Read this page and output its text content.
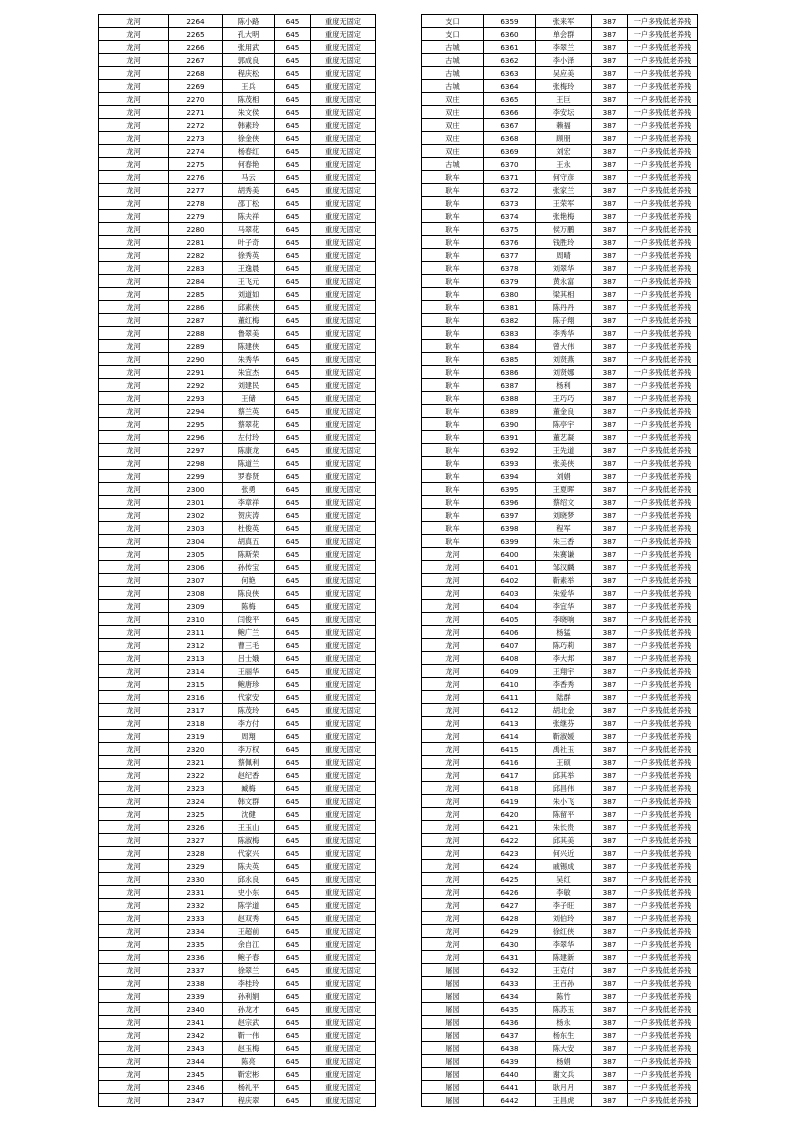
龙河	2264	陈小路	645	重度无固定
龙河	2265	孔大明	645	重度无固定
龙河	2266	张用武	645	重度无固定
龙河	2267	郭成良	645	重度无固定
龙河	2268	程庆松	645	重度无固定
龙河	2269	王兵	645	重度无固定
龙河	2270	陈茂相	645	重度无固定
龙河	2271	朱文侯	645	重度无固定
龙河	2272	韩素玲	645	重度无固定
龙河	2273	徐金侠	645	重度无固定
龙河	2274	杨春红	645	重度无固定
龙河	2275	何春艳	645	重度无固定
龙河	2276	马云	645	重度无固定
龙河	2277	胡秀美	645	重度无固定
龙河	2278	邵丁松	645	重度无固定
龙河	2279	陈夫祥	645	重度无固定
龙河	2280	马翠花	645	重度无固定
龙河	2281	叶子奇	645	重度无固定
龙河	2282	徐秀英	645	重度无固定
龙河	2283	王逸晨	645	重度无固定
龙河	2284	王飞元	645	重度无固定
龙河	2285	刘道如	645	重度无固定
龙河	2286	邱素侠	645	重度无固定
龙河	2287	董红梅	645	重度无固定
龙河	2288	鲁翠美	645	重度无固定
龙河	2289	陈建侠	645	重度无固定
龙河	2290	朱秀华	645	重度无固定
龙河	2291	朱宜杰	645	重度无固定
龙河	2292	刘建民	645	重度无固定
龙河	2293	王储	645	重度无固定
龙河	2294	蔡兰英	645	重度无固定
龙河	2295	蔡翠花	645	重度无固定
龙河	2296	左付玲	645	重度无固定
龙河	2297	陈康龙	645	重度无固定
龙河	2298	陈道兰	645	重度无固定
龙河	2299	罗春贤	645	重度无固定
龙河	2300	张勇	645	重度无固定
龙河	2301	李章祥	645	重度无固定
龙河	2302	贺庆涛	645	重度无固定
龙河	2303	杜俊英	645	重度无固定
龙河	2304	胡真五	645	重度无固定
龙河	2305	陈斯荣	645	重度无固定
龙河	2306	孙传宝	645	重度无固定
龙河	2307	何艳	645	重度无固定
龙河	2308	陈良侠	645	重度无固定
龙河	2309	陈梅	645	重度无固定
龙河	2310	闫俊平	645	重度无固定
龙河	2311	鲍广兰	645	重度无固定
龙河	2312	曹三毛	645	重度无固定
龙河	2313	吕士娥	645	重度无固定
龙河	2314	王丽华	645	重度无固定
龙河	2315	鲍唐珍	645	重度无固定
龙河	2316	代家安	645	重度无固定
龙河	2317	陈茂玲	645	重度无固定
龙河	2318	李方付	645	重度无固定
龙河	2319	周翔	645	重度无固定
龙河	2320	李万权	645	重度无固定
龙河	2321	蔡佩利	645	重度无固定
龙河	2322	赵纪香	645	重度无固定
龙河	2323	臧梅	645	重度无固定
龙河	2324	韩文群	645	重度无固定
龙河	2325	沈健	645	重度无固定
龙河	2326	王玉山	645	重度无固定
龙河	2327	陈淑梅	645	重度无固定
龙河	2328	代家兴	645	重度无固定
龙河	2329	陈夫英	645	重度无固定
龙河	2330	邱永良	645	重度无固定
龙河	2331	史小东	645	重度无固定
龙河	2332	陈学道	645	重度无固定
龙河	2333	赵双秀	645	重度无固定
龙河	2334	王超前	645	重度无固定
龙河	2335	余自江	645	重度无固定
龙河	2336	鲍子春	645	重度无固定
龙河	2337	徐翠兰	645	重度无固定
龙河	2338	李桂玲	645	重度无固定
龙河	2339	孙利娟	645	重度无固定
龙河	2340	孙龙才	645	重度无固定
龙河	2341	赵宗武	645	重度无固定
龙河	2342	靳一伟	645	重度无固定
龙河	2343	赵玉梅	645	重度无固定
龙河	2344	陈亮	645	重度无固定
龙河	2345	靳宏彬	645	重度无固定
龙河	2346	杨礼平	645	重度无固定
龙河	2347	程庆翠	645	重度无固定
支口	6359	张来军	387	一户多残低老养残
支口	6360	单会群	387	一户多残低老养残
古城	6361	李翠兰	387	一户多残低老养残
古城	6362	李小泽	387	一户多残低老养残
古城	6363	吴应美	387	一户多残低老养残
古城	6364	张梅玲	387	一户多残低老养残
双庄	6365	王巨	387	一户多残低老养残
双庄	6366	李安坛	387	一户多残低老养残
双庄	6367	赖福	387	一户多残低老养残
双庄	6368	顾朋	387	一户多残低老养残
双庄	6369	刘宏	387	一户多残低老养残
古城	6370	王永	387	一户多残低老养残
耿车	6371	何守彦	387	一户多残低老养残
耿车	6372	张家兰	387	一户多残低老养残
耿车	6373	王荣军	387	一户多残低老养残
耿车	6374	张艳梅	387	一户多残低老养残
耿车	6375	侯万鹏	387	一户多残低老养残
耿车	6376	钱胜玲	387	一户多残低老养残
耿车	6377	周晴	387	一户多残低老养残
耿车	6378	刘翠华	387	一户多残低老养残
耿车	6379	黄永富	387	一户多残低老养残
耿车	6380	梁其相	387	一户多残低老养残
耿车	6381	陈丹丹	387	一户多残低老养残
耿车	6382	陈子翔	387	一户多残低老养残
耿车	6383	李秀华	387	一户多残低老养残
耿车	6384	曾大伟	387	一户多残低老养残
耿车	6385	刘贤燕	387	一户多残低老养残
耿车	6386	刘贤娜	387	一户多残低老养残
耿车	6387	杨利	387	一户多残低老养残
耿车	6388	王巧巧	387	一户多残低老养残
耿车	6389	董金良	387	一户多残低老养残
耿车	6390	陈亭宇	387	一户多残低老养残
耿车	6391	董艺凝	387	一户多残低老养残
耿车	6392	王先道	387	一户多残低老养残
耿车	6393	张美侠	387	一户多残低老养残
耿车	6394	刘娟	387	一户多残低老养残
耿车	6395	王夏晖	387	一户多残低老养残
耿车	6396	蔡绍文	387	一户多残低老养残
耿车	6397	刘晓梦	387	一户多残低老养残
耿车	6398	程军	387	一户多残低老养残
耿车	6399	朱三香	387	一户多残低老养残
龙河	6400	朱赛谦	387	一户多残低老养残
龙河	6401	邹汉麟	387	一户多残低老养残
龙河	6402	靳素举	387	一户多残低老养残
龙河	6403	朱爱华	387	一户多残低老养残
龙河	6404	李宜华	387	一户多残低老养残
龙河	6405	李晓响	387	一户多残低老养残
龙河	6406	杨猛	387	一户多残低老养残
龙河	6407	陈巧莉	387	一户多残低老养残
龙河	6408	李大邦	387	一户多残低老养残
龙河	6409	王翔宇	387	一户多残低老养残
龙河	6410	李香秀	387	一户多残低老养残
龙河	6411	陆群	387	一户多残低老养残
龙河	6412	胡北金	387	一户多残低老养残
龙河	6413	张继芬	387	一户多残低老养残
龙河	6414	靳淑媛	387	一户多残低老养残
龙河	6415	禹社玉	387	一户多残低老养残
龙河	6416	王硕	387	一户多残低老养残
龙河	6417	邱其举	387	一户多残低老养残
龙河	6418	邱昌伟	387	一户多残低老养残
龙河	6419	朱小飞	387	一户多残低老养残
龙河	6420	陈留平	387	一户多残低老养残
龙河	6421	朱长贵	387	一户多残低老养残
龙河	6422	邱其美	387	一户多残低老养残
龙河	6423	何兴近	387	一户多残低老养残
龙河	6424	戚锡成	387	一户多残低老养残
龙河	6425	吴红	387	一户多残低老养残
龙河	6426	李敏	387	一户多残低老养残
龙河	6427	李子旺	387	一户多残低老养残
龙河	6428	刘伯玲	387	一户多残低老养残
龙河	6429	徐红侠	387	一户多残低老养残
龙河	6430	李翠华	387	一户多残低老养残
龙河	6431	陈建新	387	一户多残低老养残
屠园	6432	王克付	387	一户多残低老养残
屠园	6433	王百孙	387	一户多残低老养残
屠园	6434	陈竹	387	一户多残低老养残
屠园	6435	陈苏玉	387	一户多残低老养残
屠园	6436	杨永	387	一户多残低老养残
屠园	6437	杨东生	387	一户多残低老养残
屠园	6438	陈大安	387	一户多残低老养残
屠园	6439	杨娟	387	一户多残低老养残
屠园	6440	谢文兵	387	一户多残低老养残
屠园	6441	耿月月	387	一户多残低老养残
屠园	6442	王昌虎	387	一户多残低老养残
